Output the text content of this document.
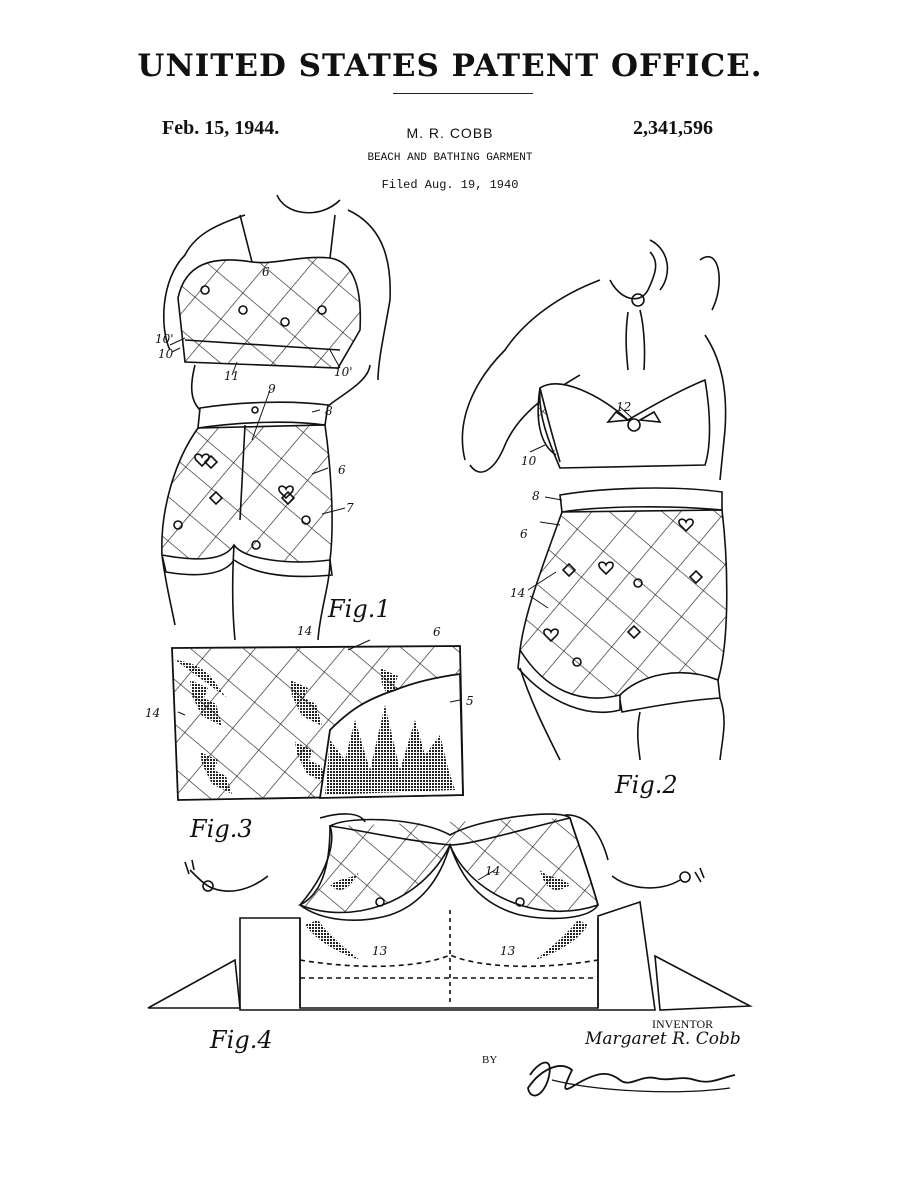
UNITED STATES PATENT OFFICE.
Feb. 15, 1944.	M. R. COBB	2,341,596
BEACH AND BATHING GARMENT
Filed Aug. 19, 1940
Fig.1
Fig.2
Fig.3
Fig.4
6
10'
10
10'
11
9
8
6
7
12
10
8
6
14
14	6
14
5
14
13	13
INVENTOR
Margaret R. Cobb
BY
